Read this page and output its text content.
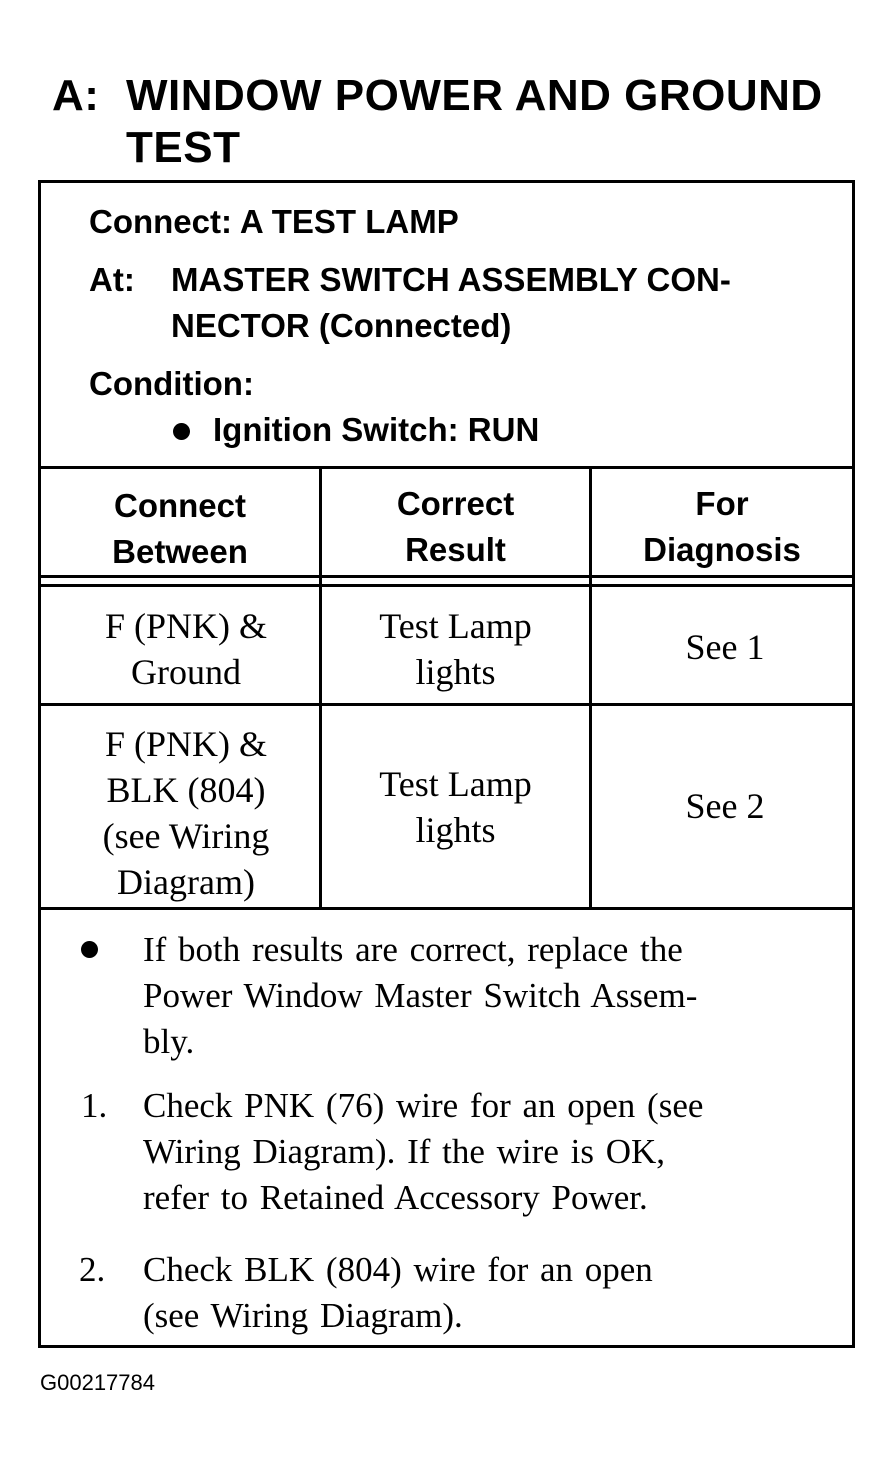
A: WINDOW POWER AND GROUND
TEST
Connect: A TEST LAMP
At: MASTER SWITCH ASSEMBLY CON-
NECTOR (Connected)
Condition:
Ignition Switch: RUN
Connect
Between
Correct
Result
For
Diagnosis
F (PNK) &
Ground
Test Lamp
lights
See 1
F (PNK) &
BLK (804)
(see Wiring
Diagram)
Test Lamp
lights
See 2
If both results are correct, replace the
Power Window Master Switch Assem-
bly.
1. Check PNK (76) wire for an open (see
Wiring Diagram). If the wire is OK,
refer to Retained Accessory Power.
2. Check BLK (804) wire for an open
(see Wiring Diagram).
G00217784
